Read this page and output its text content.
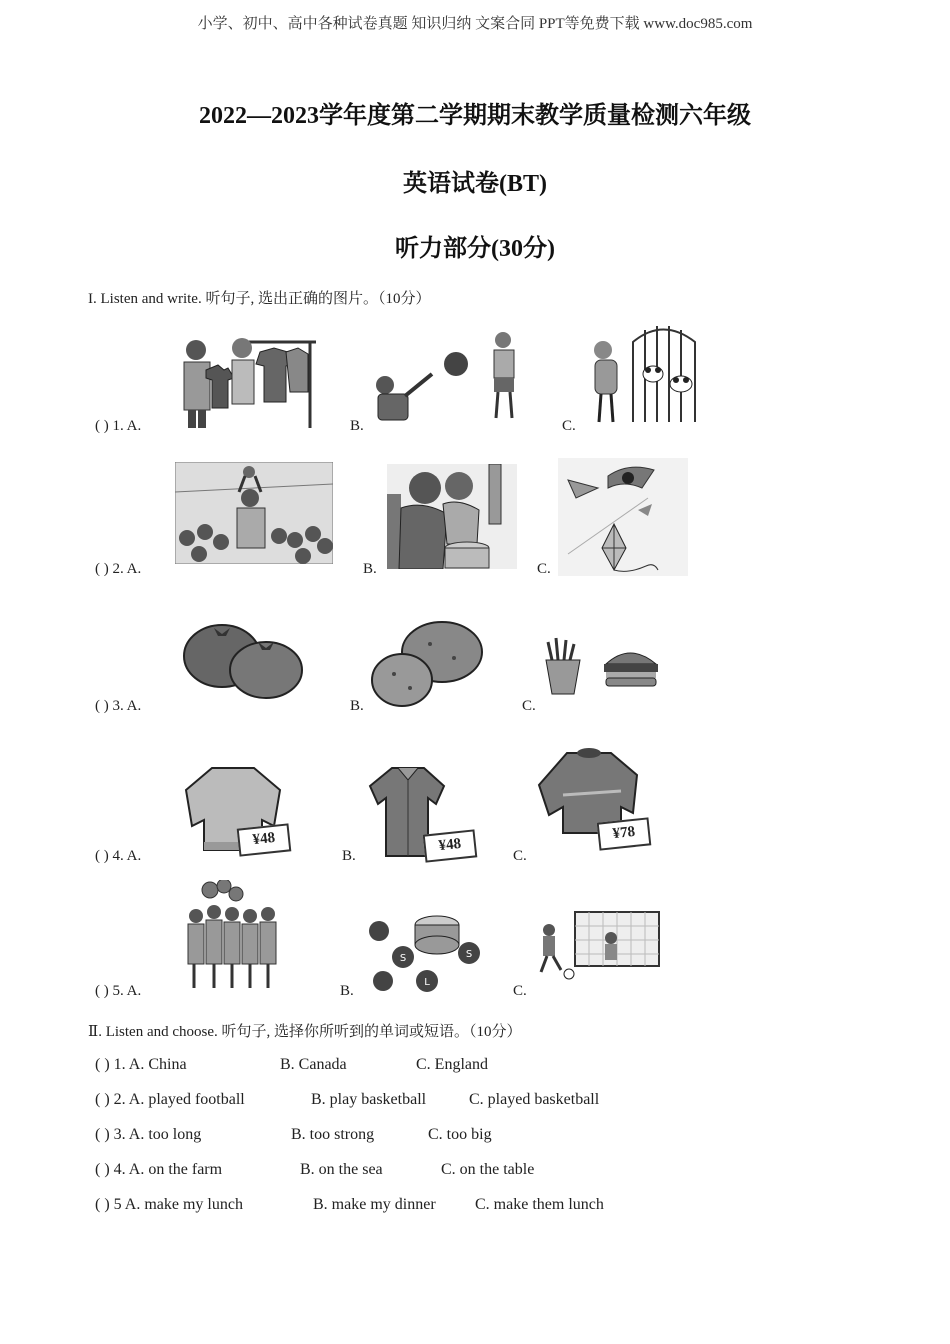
小学、初中、高中各种试卷真题 知识归纳 文案合同 PPT等免费下载 www.doc985.com
2022—2023学年度第二学期期末教学质量检测六年级
英语试卷(BT)
听力部分(30分)
I. Listen and write. 听句子, 选出正确的图片。（10分）
( ) 1. A.	B.	C.
( ) 2. A.	B.	C.
( ) 3. A.	B.	C.
( ) 4. A.	B.	C.
¥48	¥48
¥78
( ) 5. A.	B.	C.
S
L
S
Ⅱ. Listen and choose. 听句子, 选择你所听到的单词或短语。（10分）
( ) 1. A. China	B. Canada	C. England
( ) 2. A. played football	B. play basketball	C. played basketball
( ) 3. A. too long	B. too strong	C. too big
( ) 4. A. on the farm	B. on the sea	C. on the table
( ) 5 A. make my lunch	B. make my dinner C. make them lunch
